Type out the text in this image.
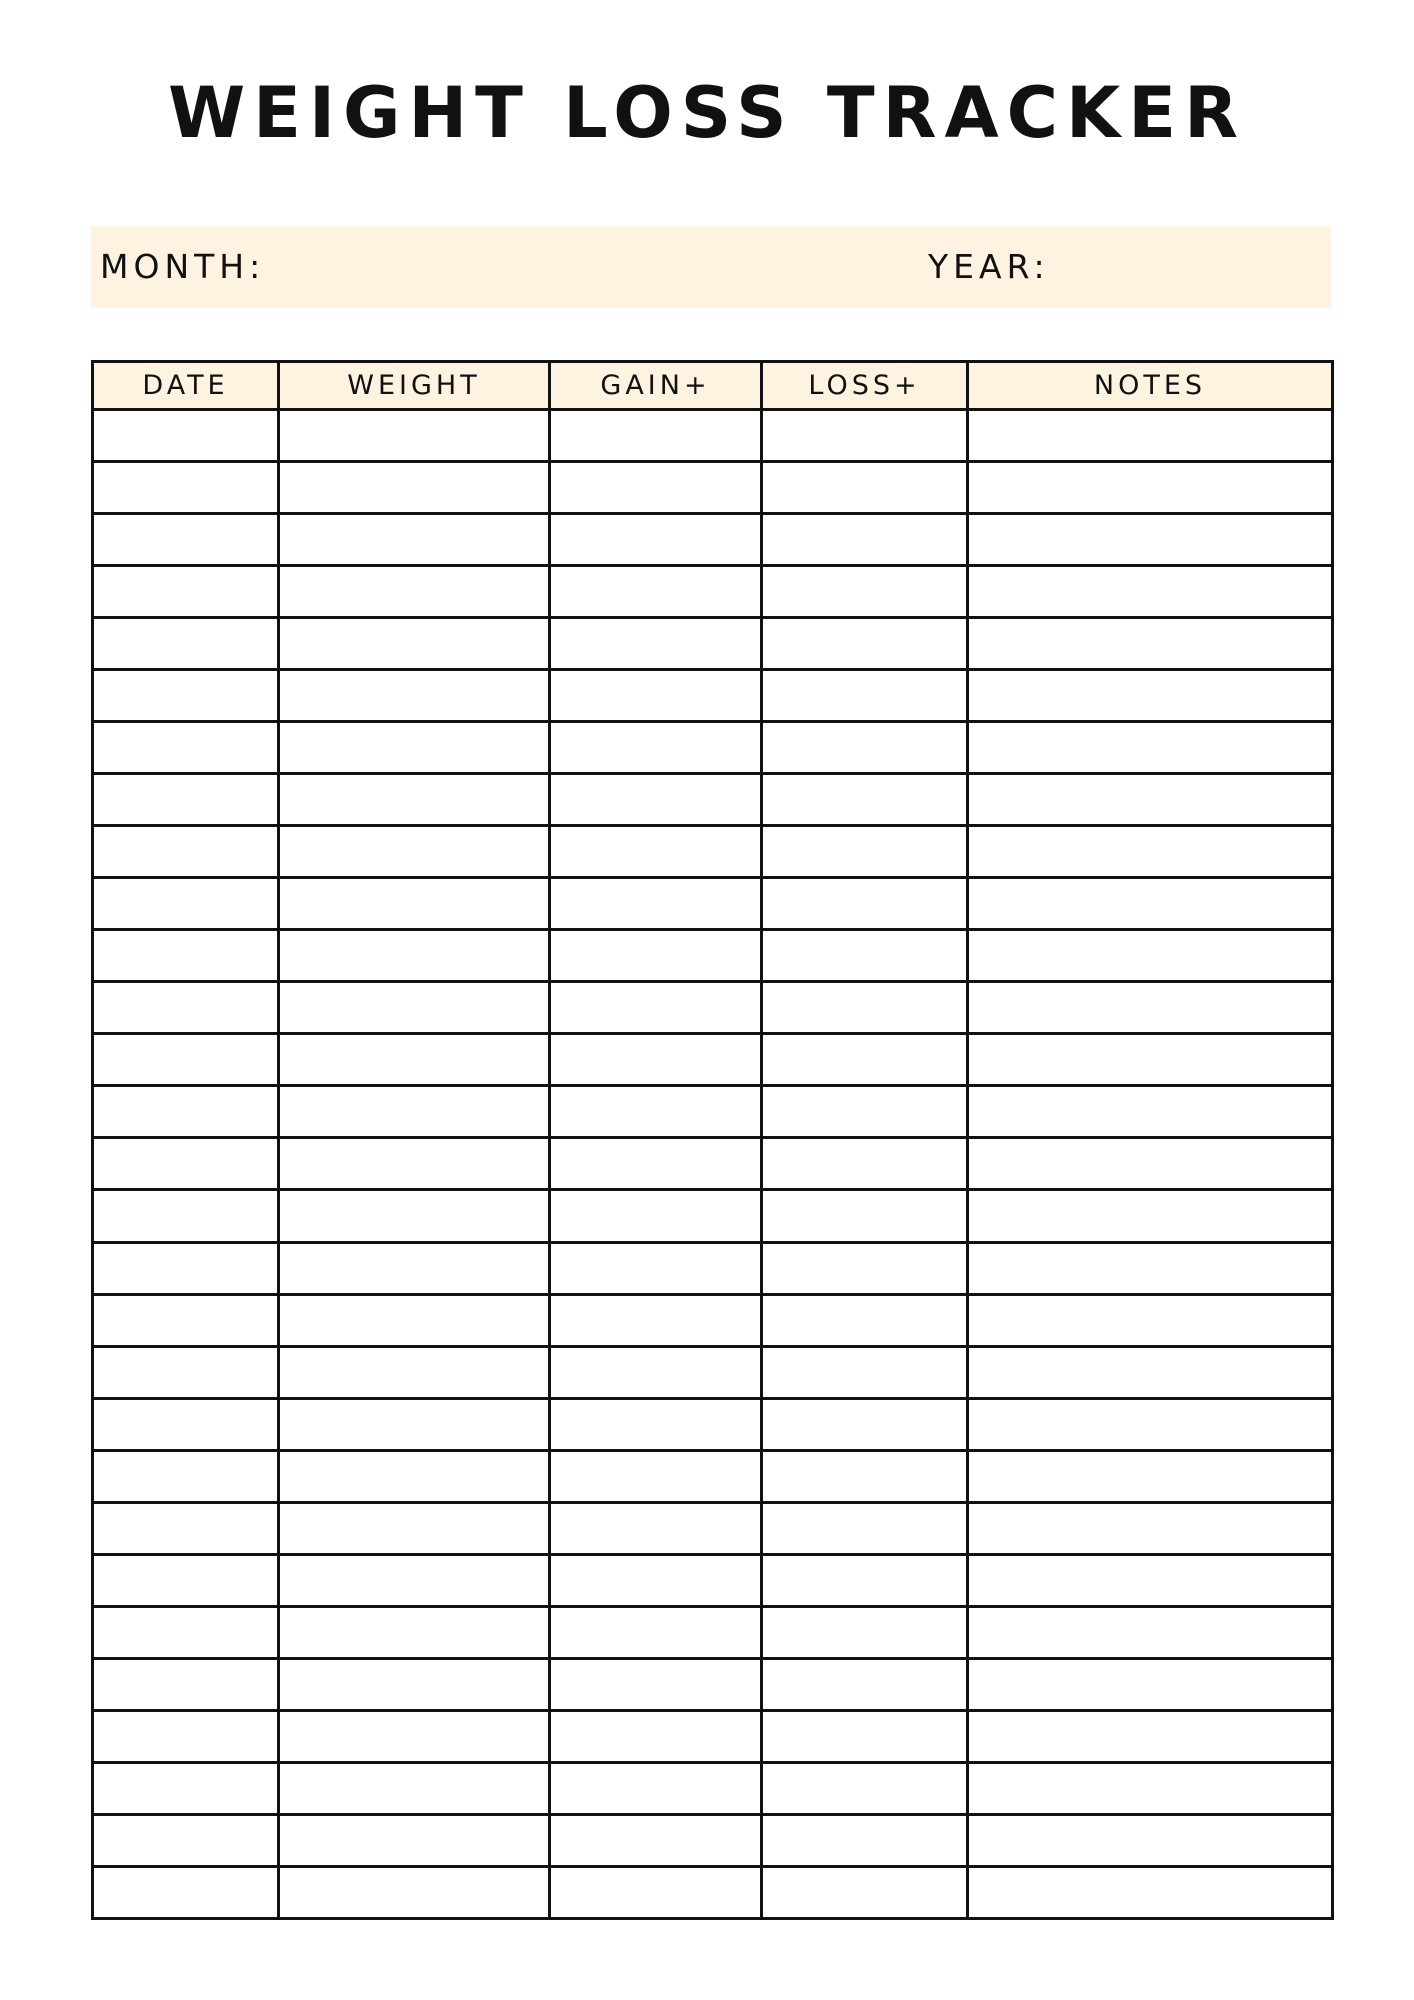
WEIGHT LOSS TRACKER
MONTH:	YEAR:
DATE	WEIGHT	GAIN+	LOSS+	NOTES
